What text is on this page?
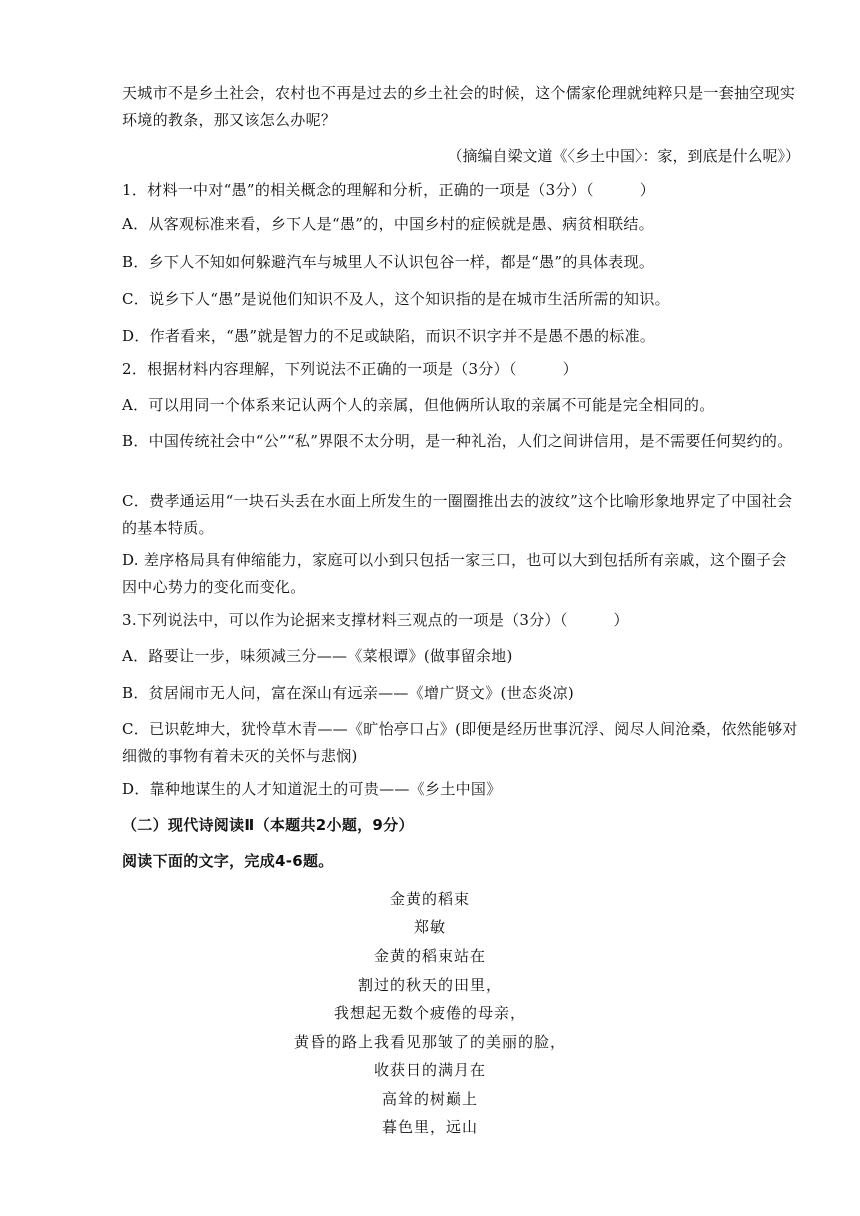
天城市不是乡土社会，农村也不再是过去的乡土社会的时候，这个儒家伦理就纯粹只是一套抽空现实环境的教条，那又该怎么办呢？
（摘编自梁文道《〈乡土中国〉：家，到底是什么呢》）
1．材料一中对“愚”的相关概念的理解和分析，正确的一项是（3分）（　　　）
A．从客观标准来看，乡下人是“愚”的，中国乡村的症候就是愚、病贫相联结。
B．乡下人不知如何躲避汽车与城里人不认识包谷一样，都是“愚”的具体表现。
C．说乡下人“愚”是说他们知识不及人，这个知识指的是在城市生活所需的知识。
D．作者看来，“愚”就是智力的不足或缺陷，而识不识字并不是愚不愚的标准。
2．根据材料内容理解，下列说法不正确的一项是（3分）（　　　）
A．可以用同一个体系来记认两个人的亲属，但他俩所认取的亲属不可能是完全相同的。
B．中国传统社会中“公”“私”界限不太分明，是一种礼治，人们之间讲信用，是不需要任何契约的。
C．费孝通运用“一块石头丢在水面上所发生的一圈圈推出去的波纹”这个比喻形象地界定了中国社会的基本特质。
D. 差序格局具有伸缩能力，家庭可以小到只包括一家三口，也可以大到包括所有亲戚，这个圈子会因中心势力的变化而变化。
3.下列说法中，可以作为论据来支撑材料三观点的一项是（3分）（　　　）
A．路要让一步，味须减三分——《菜根谭》(做事留余地)
B．贫居闹市无人问，富在深山有远亲——《增广贤文》(世态炎凉)
C．已识乾坤大，犹怜草木青——《旷怡亭口占》(即便是经历世事沉浮、阅尽人间沧桑，依然能够对细微的事物有着未灭的关怀与悲悯)
D．靠种地谋生的人才知道泥土的可贵——《乡土中国》
（二）现代诗阅读Ⅱ（本题共2小题，9分）
阅读下面的文字，完成4-6题。
金黄的稻束
郑敏
金黄的稻束站在
割过的秋天的田里，
我想起无数个疲倦的母亲，
黄昏的路上我看见那皱了的美丽的脸，
收获日的满月在
高耸的树巅上
暮色里，远山
